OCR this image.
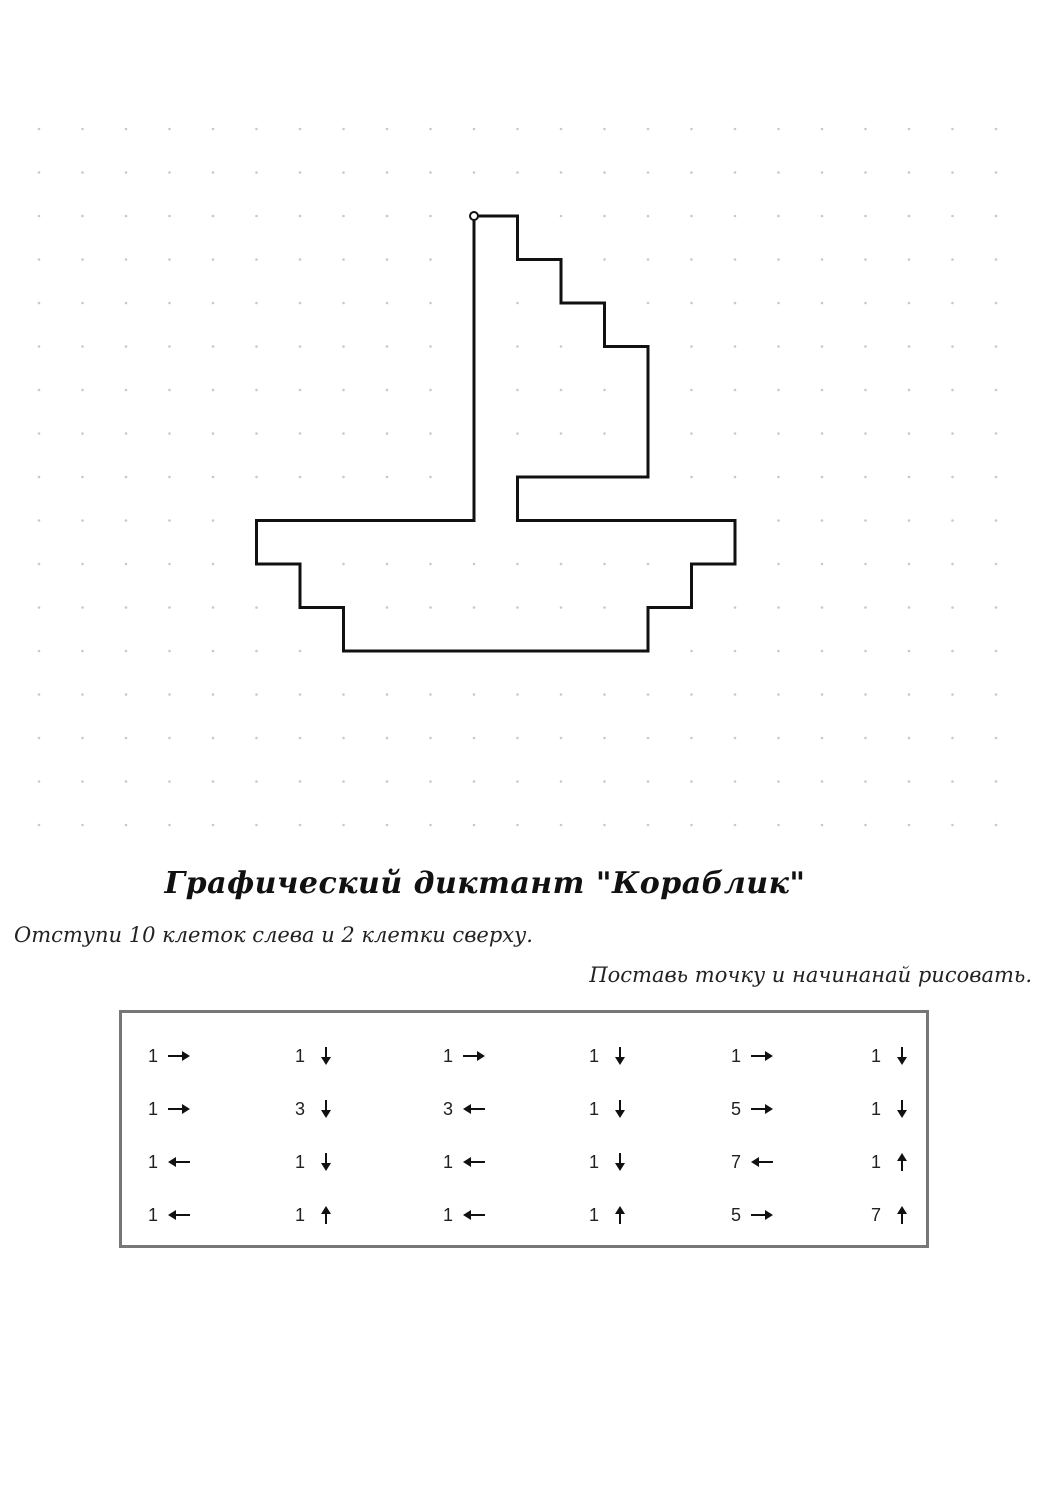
Графический диктант "Кораблик"
Отступи 10 клеток слева и 2 клетки сверху.
Поставь точку и начинанай рисовать.
1	1	1	1	1	1
1	3	3	1	5	1
1	1	1	1	7	1
1	1	1	1	5	7
